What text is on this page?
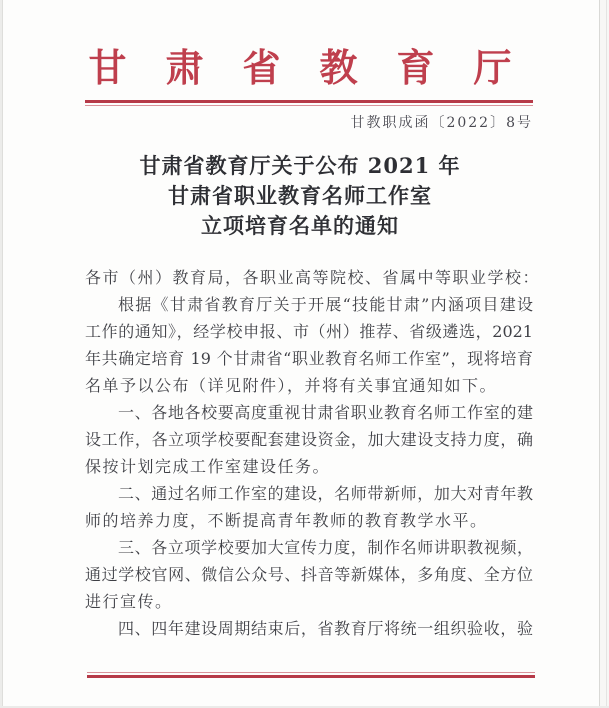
甘肃省教育厅
甘教职成函〔2022〕8号
甘肃省教育厅关于公布 2021 年
甘肃省职业教育名师工作室
立项培育名单的通知
各市（州）教育局，各职业高等院校、省属中等职业学校：
根据《甘肃省教育厅关于开展“技能甘肃”内涵项目建设
工作的通知》，经学校申报、市（州）推荐、省级遴选，2021
年共确定培育 19 个甘肃省“职业教育名师工作室”，现将培育
名单予以公布（详见附件），并将有关事宜通知如下。
一、各地各校要高度重视甘肃省职业教育名师工作室的建
设工作，各立项学校要配套建设资金，加大建设支持力度，确
保按计划完成工作室建设任务。
二、通过名师工作室的建设，名师带新师，加大对青年教
师的培养力度，不断提高青年教师的教育教学水平。
三、各立项学校要加大宣传力度，制作名师讲职教视频，
通过学校官网、微信公众号、抖音等新媒体，多角度、全方位
进行宣传。
四、四年建设周期结束后，省教育厅将统一组织验收，验
